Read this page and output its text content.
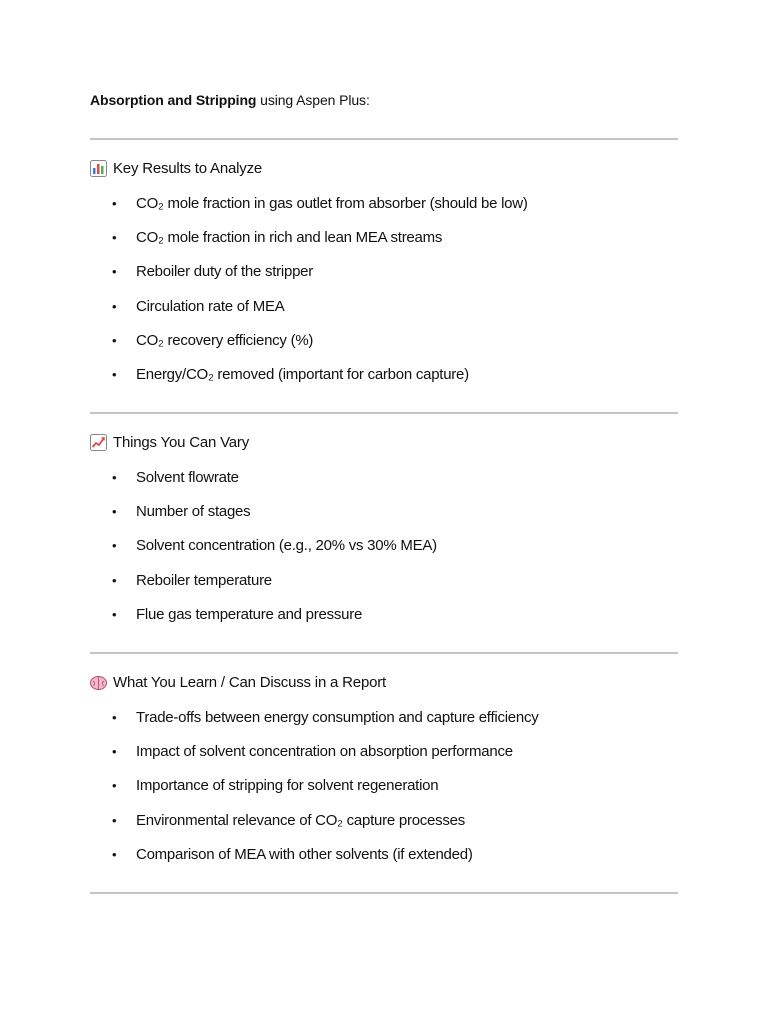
Absorption and Stripping using Aspen Plus:
Key Results to Analyze
•	CO₂ mole fraction in gas outlet from absorber (should be low)
•	CO₂ mole fraction in rich and lean MEA streams
•	Reboiler duty of the stripper
•	Circulation rate of MEA
•	CO₂ recovery efficiency (%)
•	Energy/CO₂ removed (important for carbon capture)
Things You Can Vary
•	Solvent flowrate
•	Number of stages
•	Solvent concentration (e.g., 20% vs 30% MEA)
•	Reboiler temperature
•	Flue gas temperature and pressure
What You Learn / Can Discuss in a Report
•	Trade-offs between energy consumption and capture efficiency
•	Impact of solvent concentration on absorption performance
•	Importance of stripping for solvent regeneration
•	Environmental relevance of CO₂ capture processes
•	Comparison of MEA with other solvents (if extended)
